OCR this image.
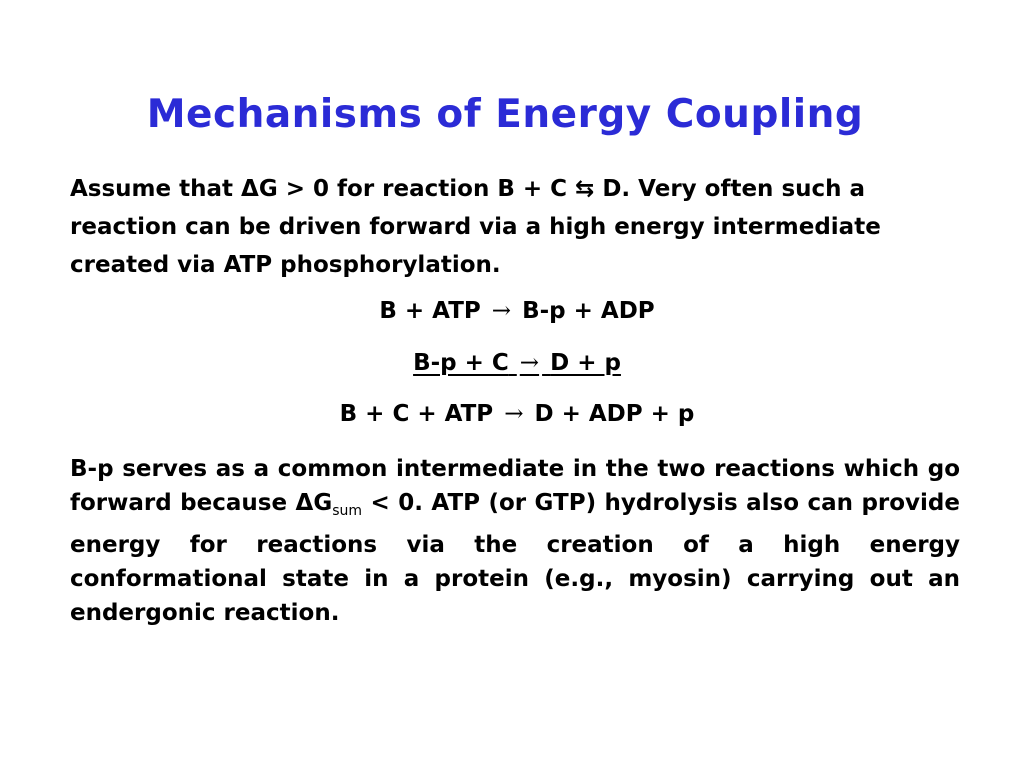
Mechanisms of Energy Coupling
Assume that ΔG > 0 for reaction B + C ⇆ D. Very often such a reaction can be driven forward via a high energy intermediate created via ATP phosphorylation.
B + ATP → B-p + ADP
B-p + C → D + p
B + C + ATP → D + ADP + p
B-p serves as a common intermediate in the two reactions which go forward because $\Delta G_{sum} < 0$. ATP (or GTP) hydrolysis also can provide energy for reactions via the creation of a high energy conformational state in a protein (e.g., myosin) carrying out an endergonic reaction.
